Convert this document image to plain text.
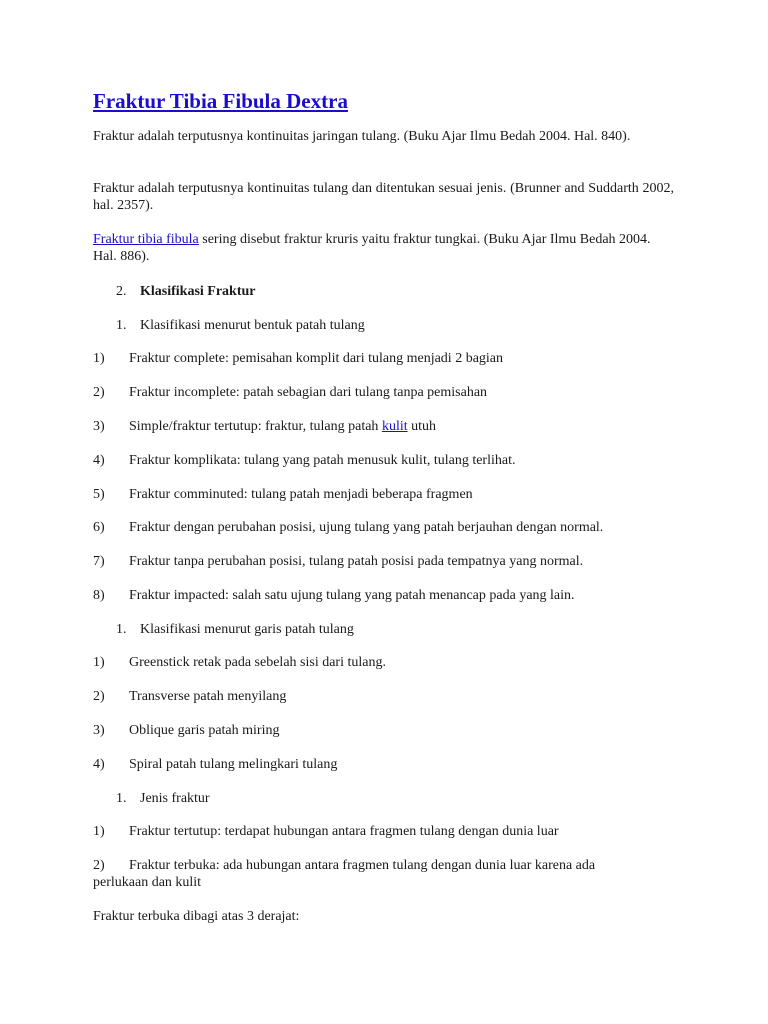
Fraktur Tibia Fibula Dextra

Fraktur adalah terputusnya kontinuitas jaringan tulang. (Buku Ajar Ilmu Bedah 2004. Hal. 840).

Fraktur adalah terputusnya kontinuitas tulang dan ditentukan sesuai jenis. (Brunner and Suddarth 2002, hal. 2357).

Fraktur tibia fibula sering disebut fraktur kruris yaitu fraktur tungkai. (Buku Ajar Ilmu Bedah 2004. Hal. 886).

2. Klasifikasi Fraktur

1. Klasifikasi menurut bentuk patah tulang

1) Fraktur complete: pemisahan komplit dari tulang menjadi 2 bagian

2) Fraktur incomplete: patah sebagian dari tulang tanpa pemisahan

3) Simple/fraktur tertutup: fraktur, tulang patah kulit utuh

4) Fraktur komplikata: tulang yang patah menusuk kulit, tulang terlihat.

5) Fraktur comminuted: tulang patah menjadi beberapa fragmen

6) Fraktur dengan perubahan posisi, ujung tulang yang patah berjauhan dengan normal.

7) Fraktur tanpa perubahan posisi, tulang patah posisi pada tempatnya yang normal.

8) Fraktur impacted: salah satu ujung tulang yang patah menancap pada yang lain.

1. Klasifikasi menurut garis patah tulang

1) Greenstick retak pada sebelah sisi dari tulang.

2) Transverse patah menyilang

3) Oblique garis patah miring

4) Spiral patah tulang melingkari tulang

1. Jenis fraktur

1) Fraktur tertutup: terdapat hubungan antara fragmen tulang dengan dunia luar

2) Fraktur terbuka: ada hubungan antara fragmen tulang dengan dunia luar karena ada perlukaan dan kulit

Fraktur terbuka dibagi atas 3 derajat:
